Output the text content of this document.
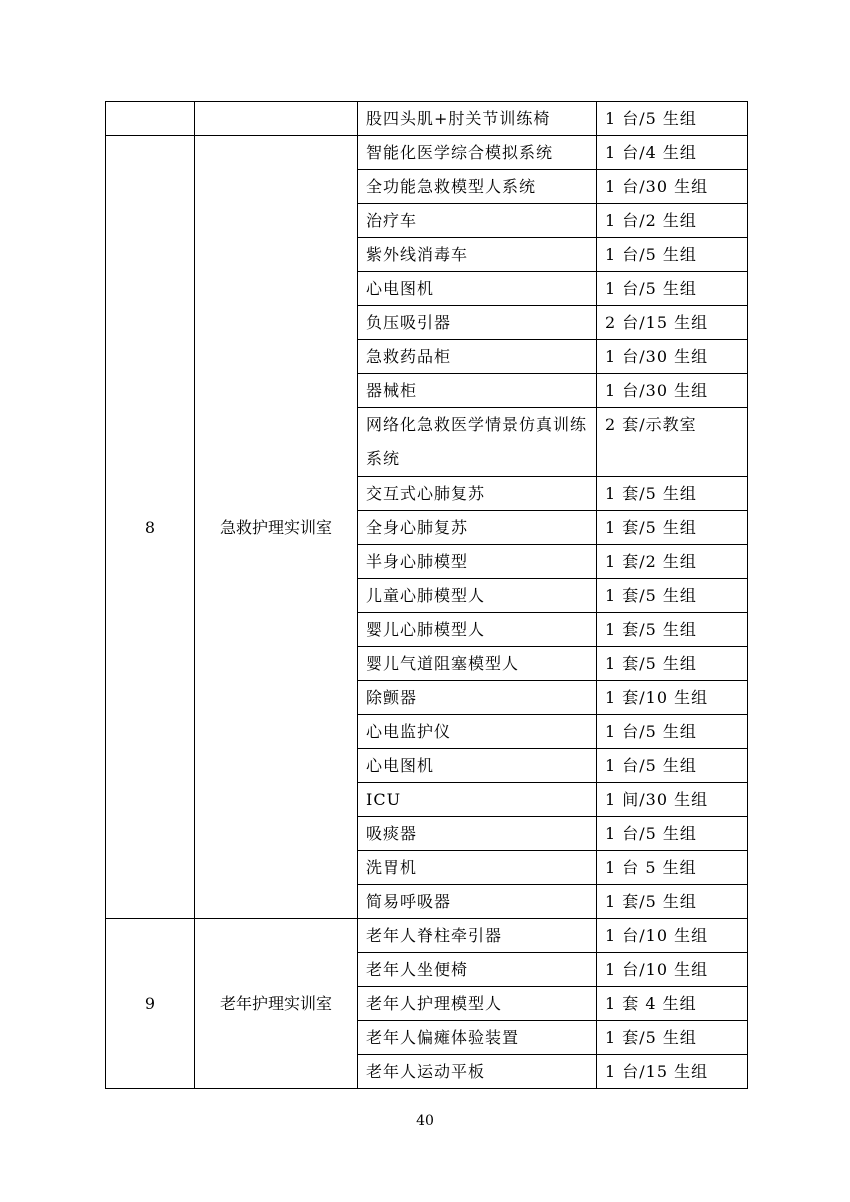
		股四头肌+肘关节训练椅	1 台/5 生组
8	急救护理实训室	智能化医学综合模拟系统	1 台/4 生组
		全功能急救模型人系统	1 台/30 生组
		治疗车	1 台/2 生组
		紫外线消毒车	1 台/5 生组
		心电图机	1 台/5 生组
		负压吸引器	2 台/15 生组
		急救药品柜	1 台/30 生组
		器械柜	1 台/30 生组
		网络化急救医学情景仿真训练系统	2 套/示教室
		交互式心肺复苏	1 套/5 生组
		全身心肺复苏	1 套/5 生组
		半身心肺模型	1 套/2 生组
		儿童心肺模型人	1 套/5 生组
		婴儿心肺模型人	1 套/5 生组
		婴儿气道阻塞模型人	1 套/5 生组
		除颤器	1 套/10 生组
		心电监护仪	1 台/5 生组
		心电图机	1 台/5 生组
		ICU	1 间/30 生组
		吸痰器	1 台/5 生组
		洗胃机	1 台 5 生组
		简易呼吸器	1 套/5 生组
9	老年护理实训室	老年人脊柱牵引器	1 台/10 生组
		老年人坐便椅	1 台/10 生组
		老年人护理模型人	1 套 4 生组
		老年人偏瘫体验装置	1 套/5 生组
		老年人运动平板	1 台/15 生组
40
